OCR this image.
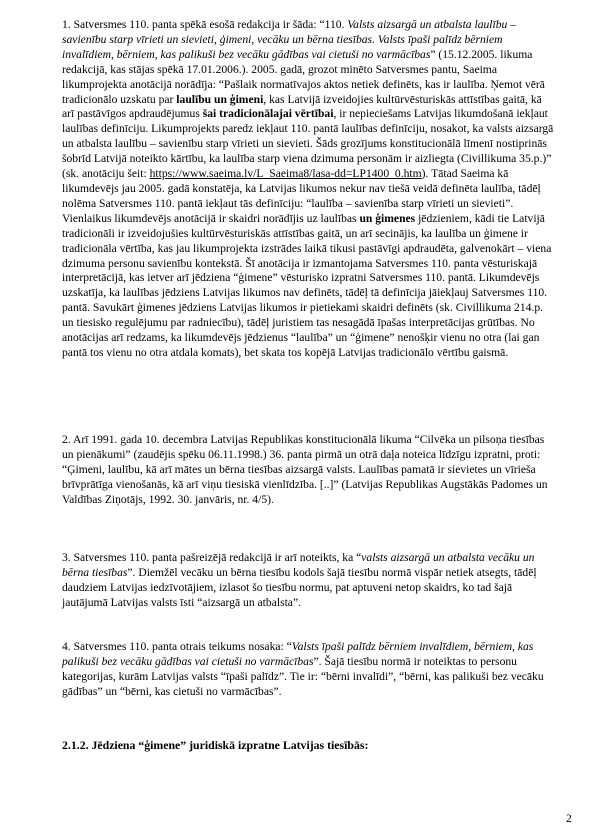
1. Satversmes 110. panta spēkā esošā redakcija ir šāda: “110. Valsts aizsargā un atbalsta laulību – savienību starp vīrieti un sievieti, ģimeni, vecāku un bērna tiesības. Valsts īpaši palīdz bērniem invalīdiem, bērniem, kas palikuši bez vecāku gādības vai cietuši no varmācības” (15.12.2005. likuma redakcijā, kas stājas spēkā 17.01.2006.). 2005. gadā, grozot minēto Satversmes pantu, Saeima likumprojekta anotācijā norādīja: “Pašlaik normatīvajos aktos netiek definēts, kas ir laulība. Ņemot vērā tradicionālo uzskatu par laulību un ģimeni, kas Latvijā izveidojies kultūrvēsturiskās attīstības gaitā, kā arī pastāvīgos apdraudējumus šai tradicionālajai vērtībai, ir nepieciešams Latvijas likumdošanā iekļaut laulības definīciju. Likumprojekts paredz iekļaut 110. pantā laulības definīciju, nosakot, ka valsts aizsargā un atbalsta laulību – savienību starp vīrieti un sievieti. Šāds grozījums konstitucionālā līmenī nostiprinās šobrīd Latvijā noteikto kārtību, ka laulība starp viena dzimuma personām ir aizliegta (Civillikuma 35.p.)” (sk. anotāciju šeit: https://www.saeima.lv/L_Saeima8/lasa-dd=LP1400_0.htm). Tātad Saeima kā likumdevējs jau 2005. gadā konstatēja, ka Latvijas likumos nekur nav tiešā veidā definēta laulība, tādēļ nolēma Satversmes 110. pantā iekļaut tās definīciju: “laulība – savienība starp vīrieti un sievieti”. Vienlaikus likumdevējs anotācijā ir skaidri norādījis uz laulības un ģimenes jēdzieniem, kādi tie Latvijā tradicionāli ir izveidojušies kultūrvēsturiskās attīstības gaitā, un arī secinājis, ka laulība un ģimene ir tradicionāla vērtība, kas jau likumprojekta izstrādes laikā tikusi pastāvīgi apdraudēta, galvenokārt – viena dzimuma personu savienību kontekstā. Šī anotācija ir izmantojama Satversmes 110. panta vēsturiskajā interpretācijā, kas ietver arī jēdziena “ģimene” vēsturisko izpratni Satversmes 110. pantā. Likumdevējs uzskatīja, ka laulības jēdziens Latvijas likumos nav definēts, tādēļ tā definīcija jāiekļauj Satversmes 110. pantā. Savukārt ģimenes jēdziens Latvijas likumos ir pietiekami skaidri definēts (sk. Civillikuma 214.p. un tiesisko regulējumu par radniecību), tādēļ juristiem tas nesagādā īpašas interpretācijas grūtības. No anotācijas arī redzams, ka likumdevējs jēdzienus “laulība” un “ģimene” nenošķir vienu no otra (lai gan pantā tos vienu no otra atdala komats), bet skata tos kopējā Latvijas tradicionālo vērtību gaismā.

2. Arī 1991. gada 10. decembra Latvijas Republikas konstitucionālā likuma “Cilvēka un pilsoņa tiesības un pienākumi” (zaudējis spēku 06.11.1998.) 36. panta pirmā un otrā daļa noteica līdzīgu izpratni, proti: “Ģimeni, laulību, kā arī mātes un bērna tiesības aizsargā valsts. Laulības pamatā ir sievietes un vīrieša brīvprātīga vienošanās, kā arī viņu tiesiskā vienlīdzība. [..]” (Latvijas Republikas Augstākās Padomes un Valdības Ziņotājs, 1992. 30. janvāris, nr. 4/5).

3. Satversmes 110. panta pašreizējā redakcijā ir arī noteikts, ka “valsts aizsargā un atbalsta vecāku un bērna tiesības”. Diemžēl vecāku un bērna tiesību kodols šajā tiesību normā vispār netiek atsegts, tādēļ daudziem Latvijas iedzīvotājiem, izlasot šo tiesību normu, pat aptuveni netop skaidrs, ko tad šajā jautājumā Latvijas valsts īsti “aizsargā un atbalsta”.

4. Satversmes 110. panta otrais teikums nosaka: “Valsts īpaši palīdz bērniem invalīdiem, bērniem, kas palikuši bez vecāku gādības vai cietuši no varmācības”. Šajā tiesību normā ir noteiktas to personu kategorijas, kurām Latvijas valsts “īpaši palīdz”. Tie ir: “bērni invalīdi”, “bērni, kas palikuši bez vecāku gādības” un “bērni, kas cietuši no varmācības”.

2.1.2. Jēdziena “ģimene” juridiskā izpratne Latvijas tiesībās:
2
